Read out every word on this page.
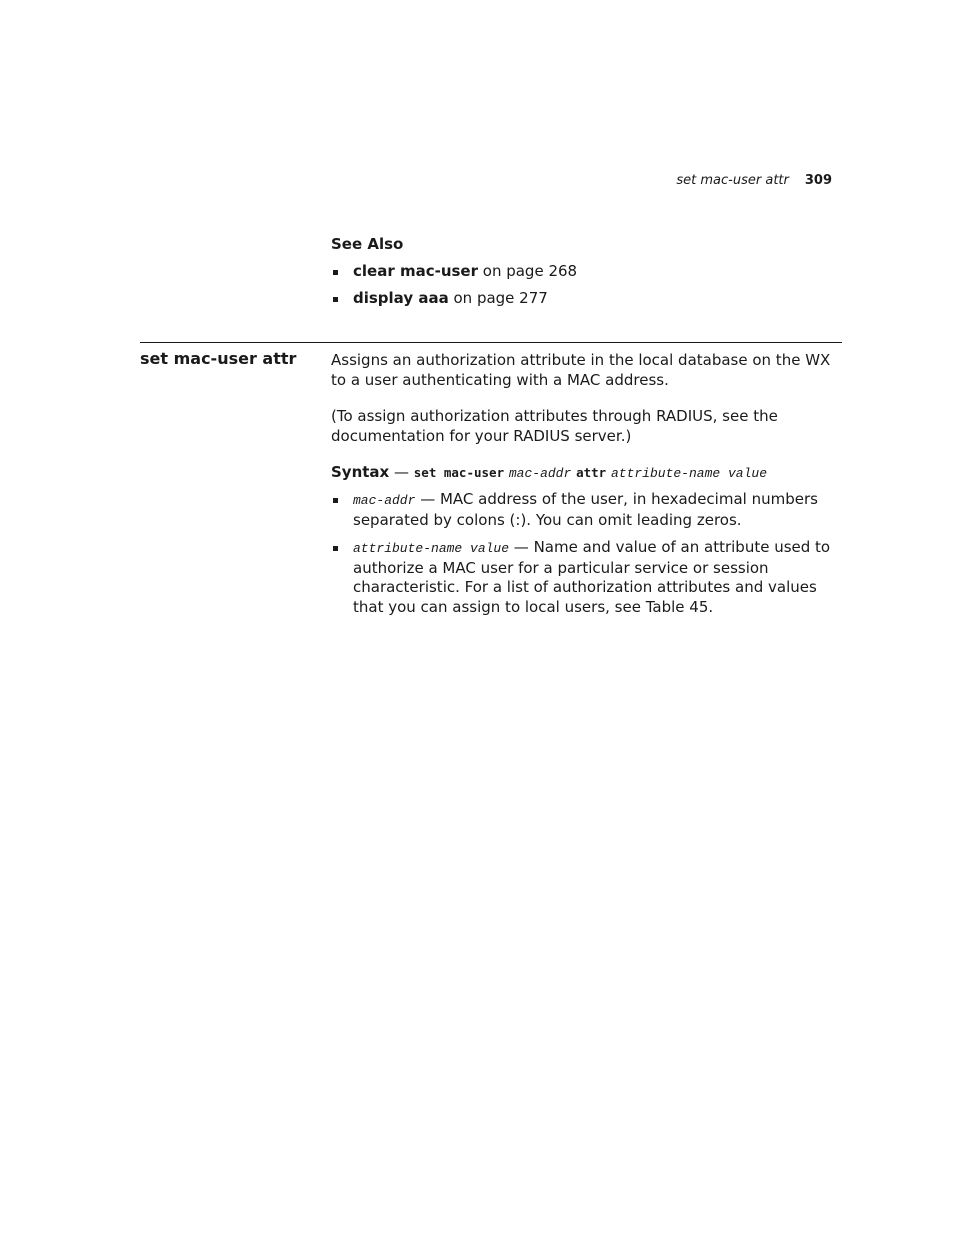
set mac-user attr 309
See Also
clear mac-user on page 268
display aaa on page 277
set mac-user attr Assigns an authorization attribute in the local database on the WX to a user authenticating with a MAC address.

(To assign authorization attributes through RADIUS, see the documentation for your RADIUS server.)

Syntax — set mac-user mac-addr attr attribute-name value
mac-addr — MAC address of the user, in hexadecimal numbers separated by colons (:). You can omit leading zeros.
attribute-name value — Name and value of an attribute used to authorize a MAC user for a particular service or session characteristic. For a list of authorization attributes and values that you can assign to local users, see Table 45.
